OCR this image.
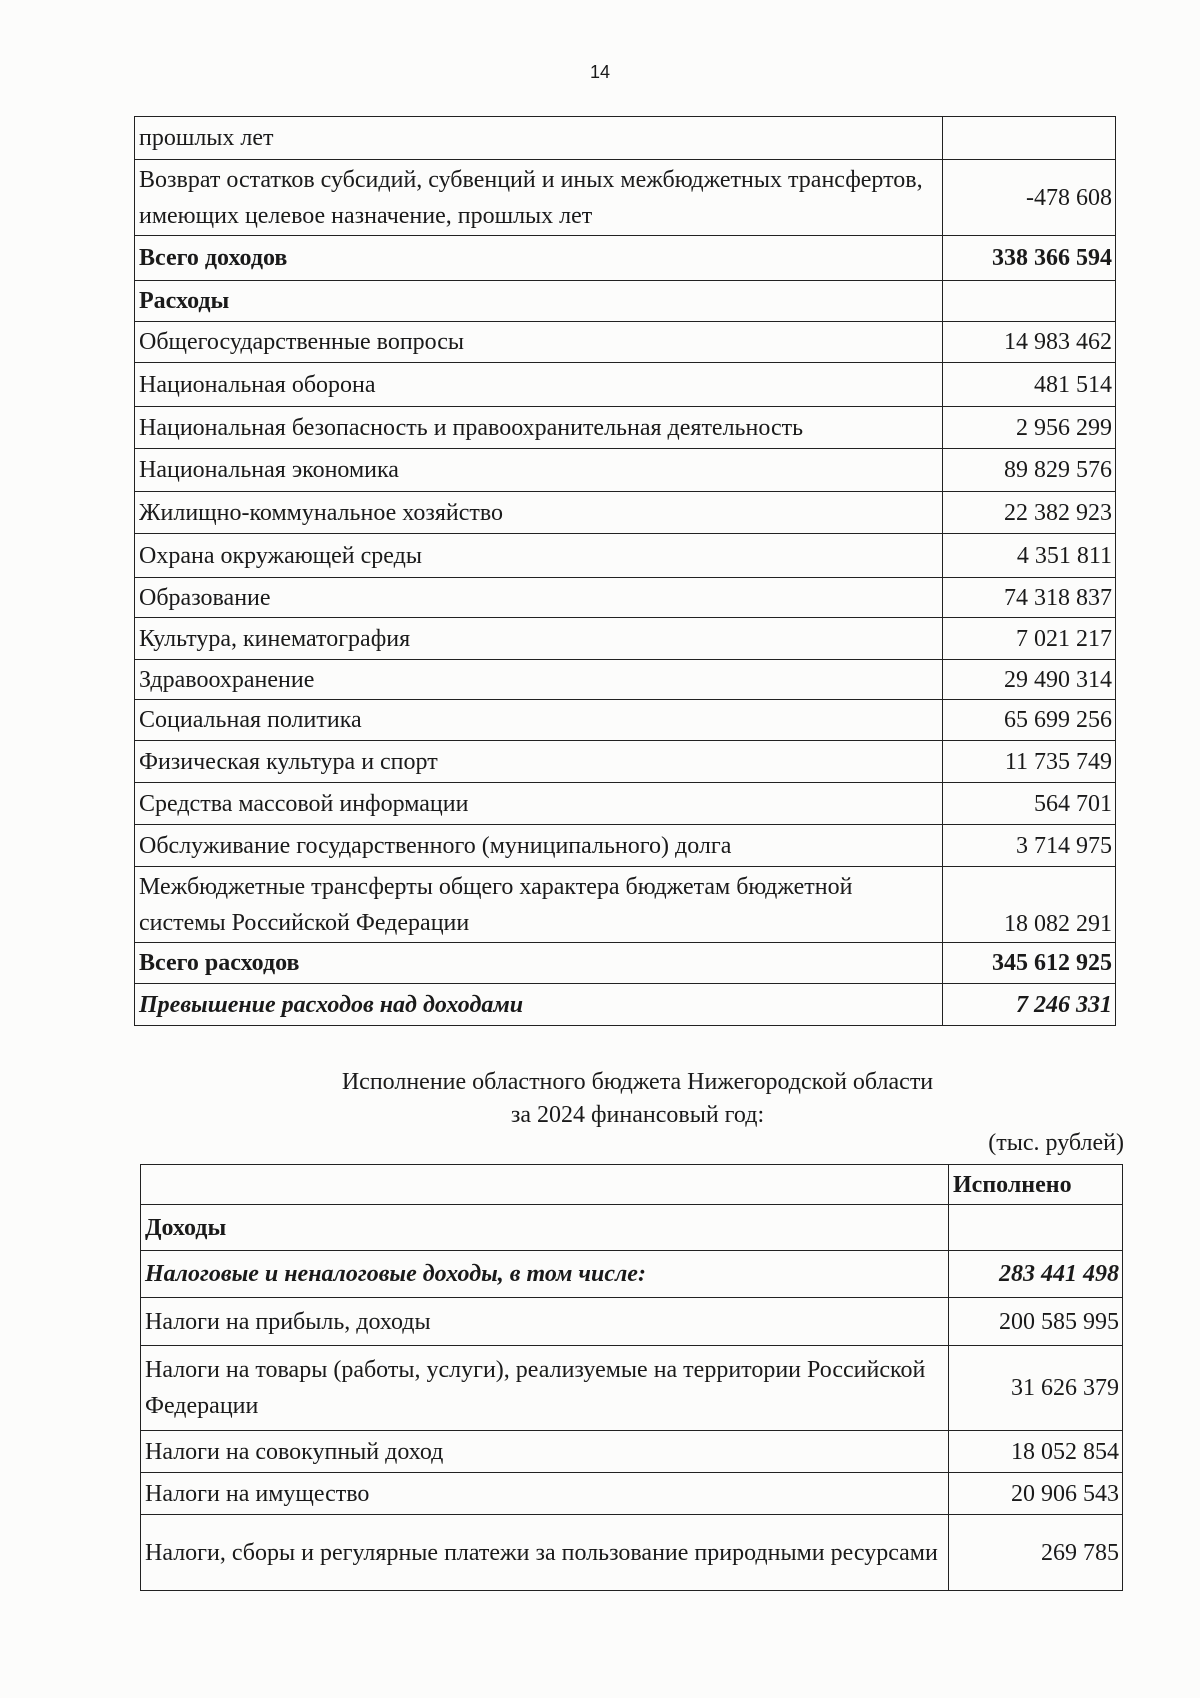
14
прошлых лет	
Возврат остатков субсидий, субвенций и иных межбюджетных трансфертов, имеющих целевое назначение, прошлых лет	-478 608
Всего доходов	338 366 594
Расходы	
Общегосударственные вопросы	14 983 462
Национальная оборона	481 514
Национальная безопасность и правоохранительная деятельность	2 956 299
Национальная экономика	89 829 576
Жилищно-коммунальное хозяйство	22 382 923
Охрана окружающей среды	4 351 811
Образование	74 318 837
Культура, кинематография	7 021 217
Здравоохранение	29 490 314
Социальная политика	65 699 256
Физическая культура и спорт	11 735 749
Средства массовой информации	564 701
Обслуживание государственного (муниципального) долга	3 714 975
Межбюджетные трансферты общего характера бюджетам бюджетной системы Российской Федерации	18 082 291
Всего расходов	345 612 925
Превышение расходов над доходами	7 246 331
Исполнение областного бюджета Нижегородской области
за 2024 финансовый год:
(тыс. рублей)
	Исполнено
Доходы	
Налоговые и неналоговые доходы, в том числе:	283 441 498
Налоги на прибыль, доходы	200 585 995
Налоги на товары (работы, услуги), реализуемые на территории Российской Федерации	31 626 379
Налоги на совокупный доход	18 052 854
Налоги на имущество	20 906 543
Налоги, сборы и регулярные платежи за пользование природными ресурсами	269 785
